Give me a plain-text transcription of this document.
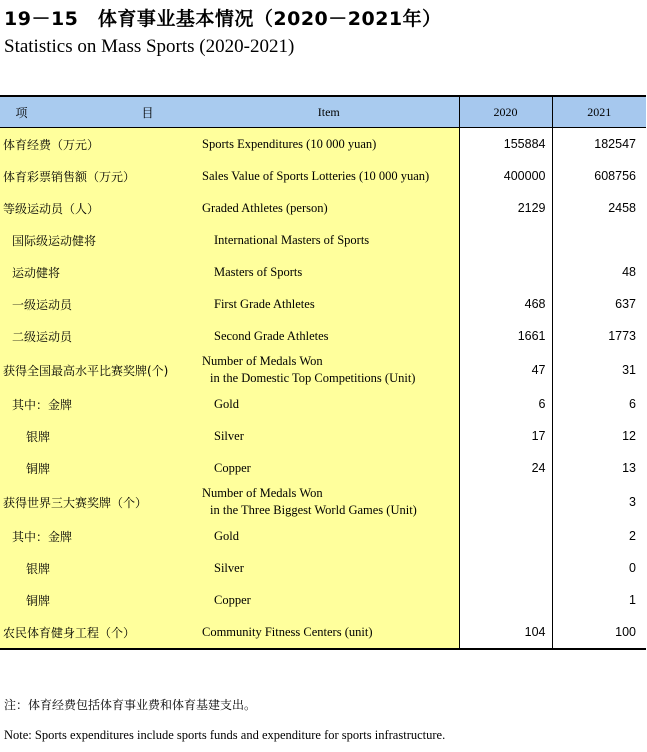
19－15　体育事业基本情况（2020－2021年）
Statistics on Mass Sports (2020-2021)
项　　目	Item	2020	2021
体育经费（万元）	Sports Expenditures (10 000 yuan)	155884	182547
体育彩票销售额（万元）	Sales Value of Sports Lotteries (10 000 yuan)	400000	608756
等级运动员（人）	Graded Athletes (person)	2129	2458
国际级运动健将	International Masters of Sports		
运动健将	Masters of Sports		48
一级运动员	First Grade Athletes	468	637
二级运动员	Second Grade Athletes	1661	1773
获得全国最高水平比赛奖牌(个)	Number of Medals Won
in the Domestic Top Competitions (Unit)	47	31
其中：金牌	Gold	6	6
银牌	Silver	17	12
铜牌	Copper	24	13
获得世界三大赛奖牌（个）	Number of Medals Won
in the Three Biggest World Games (Unit)		3
其中：金牌	Gold		2
银牌	Silver		0
铜牌	Copper		1
农民体育健身工程（个）	Community Fitness Centers (unit)	104	100
注：体育经费包括体育事业费和体育基建支出。
Note: Sports expenditures include sports funds and expenditure for sports infrastructure.
